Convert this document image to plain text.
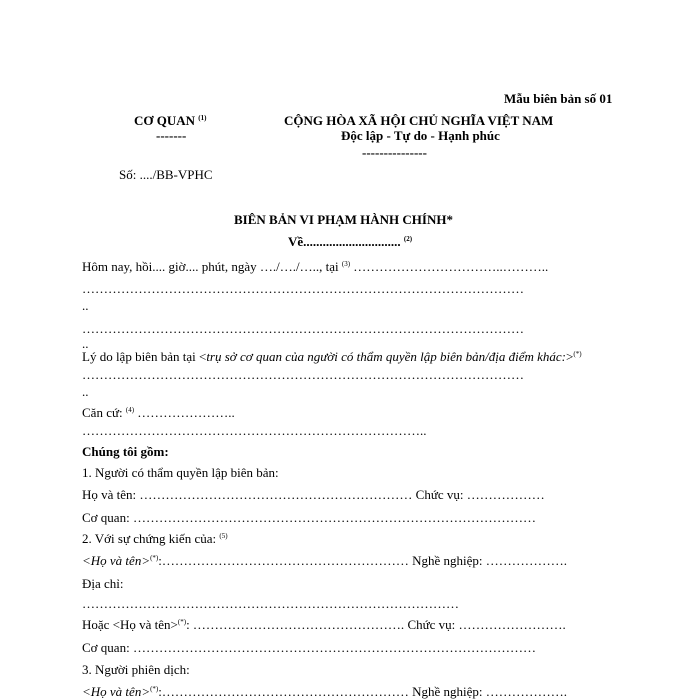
Mẫu biên bản số 01
CƠ QUAN $^{(1)}$
-------
CỘNG HÒA XÃ HỘI CHỦ NGHĨA VIỆT NAM
Độc lập - Tự do - Hạnh phúc
---------------
Số: ..../BB-VPHC
BIÊN BẢN VI PHẠM HÀNH CHÍNH*
Về.............................. $^{(2)}$
Hôm nay, hồi.... giờ.... phút, ngày …./…./….., tại $^{(3)}$ ……………………………..………..
…………………………………………………………………………………………
..
…………………………………………………………………………………………
..
Lý do lập biên bản tại <trụ sở cơ quan của người có thẩm quyền lập biên bản/địa điểm khác:>(*)
…………………………………………………………………………………………
..
Căn cứ: $^{(4)}$ …………………..
……………………………………………………………………..
Chúng tôi gồm:
1. Người có thẩm quyền lập biên bản:
Họ và tên: ……………………………………………………… Chức vụ: ………………
Cơ quan: …………………………………………………………………………………
2. Với sự chứng kiến của: $^{(5)}$
<Họ và tên>(*):………………………………………………… Nghề nghiệp: ……………….
Địa chỉ:
……………………………………………………………………………
Hoặc <Họ và tên>(*): …………………………………………. Chức vụ: …………………….
Cơ quan: …………………………………………………………………………………
3. Người phiên dịch:
<Họ và tên>(*):………………………………………………… Nghề nghiệp: ……………….
